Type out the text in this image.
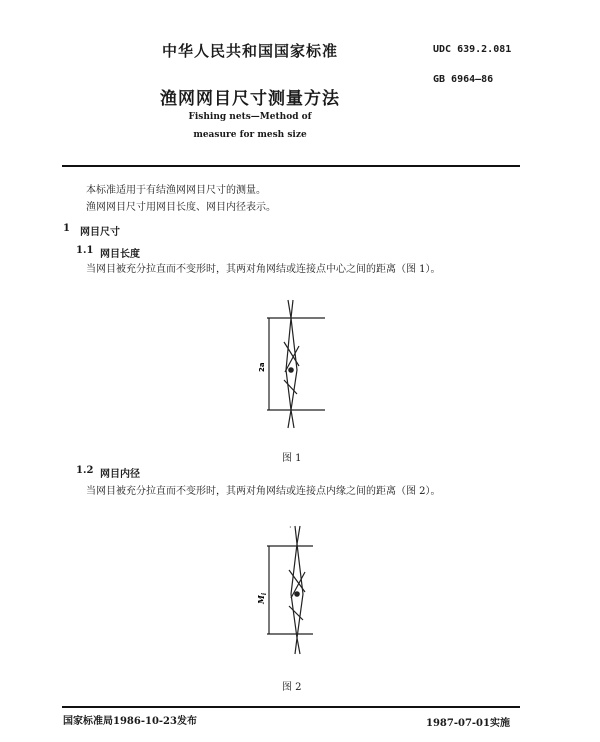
中华人民共和国国家标准	UDC 639.2.081
GB 6964—86
渔网网目尺寸测量方法
Fishing nets—Method of
measure for mesh size
本标准适用于有结渔网网目尺寸的测量。
渔网网目尺寸用网目长度、网目内径表示。
1 网目尺寸
1.1 网目长度
当网目被充分拉直而不变形时，其两对角网结或连接点中心之间的距离（图 1）。
2a
图 1
1.2 网目内径
当网目被充分拉直而不变形时，其两对角网结或连接点内缘之间的距离（图 2）。
$M_i$
·
图 2
国家标准局1986-10-23发布	1987-07-01实施
